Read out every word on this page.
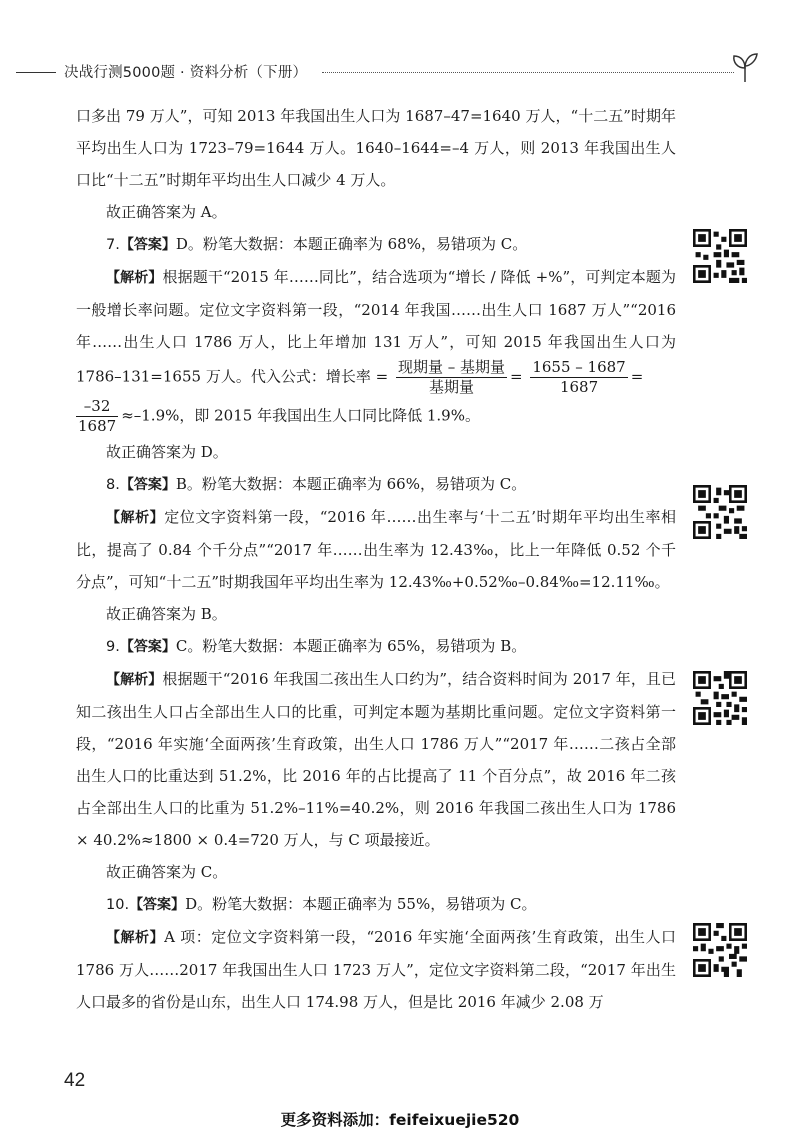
决战行测5000题 · 资料分析（下册）
口多出 79 万人”，可知 2013 年我国出生人口为 1687–47=1640 万人，“十二五”时期年平均出生人口为 1723–79=1644 万人。1640–1644=–4 万人，则 2013 年我国出生人口比“十二五”时期年平均出生人口减少 4 万人。
故正确答案为 A。
7.【答案】D。粉笔大数据：本题正确率为 68%，易错项为 C。
【解析】根据题干“2015 年……同比”，结合选项为“增长 / 降低 +%”，可判定本题为一般增长率问题。定位文字资料第一段，“2014 年我国……出生人口 1687 万人”“2016 年……出生人口 1786 万人，比上年增加 131 万人”，可知 2015 年我国出生人口为 1786–131=1655 万人。代入公式：增长率 =
现期量 – 基期量
基期量
= $\frac{1655 - 1687}{1687}$ =
$\frac{-32}{1687} \approx-1.9\%$，即 2015 年我国出生人口同比降低 1.9%。
故正确答案为 D。
8.【答案】B。粉笔大数据：本题正确率为 66%，易错项为 C。
【解析】定位文字资料第一段，“2016 年……出生率与‘十二五’时期年平均出生率相比，提高了 0.84 个千分点”“2017 年……出生率为 12.43‰，比上一年降低 0.52 个千分点”，可知“十二五”时期我国年平均出生率为 12.43‰+0.52‰–0.84‰=12.11‰。
故正确答案为 B。
9.【答案】C。粉笔大数据：本题正确率为 65%，易错项为 B。
【解析】根据题干“2016 年我国二孩出生人口约为”，结合资料时间为 2017 年，且已知二孩出生人口占全部出生人口的比重，可判定本题为基期比重问题。定位文字资料第一段，“2016 年实施‘全面两孩’生育政策，出生人口 1786 万人”“2017 年……二孩占全部出生人口的比重达到 51.2%，比 2016 年的占比提高了 11 个百分点”，故 2016 年二孩占全部出生人口的比重为 51.2%–11%=40.2%，则 2016 年我国二孩出生人口为 1786 × 40.2%≈1800 × 0.4=720 万人，与 C 项最接近。
故正确答案为 C。
10.【答案】D。粉笔大数据：本题正确率为 55%，易错项为 C。
【解析】A 项：定位文字资料第一段，“2016 年实施‘全面两孩’生育政策，出生人口 1786 万人……2017 年我国出生人口 1723 万人”，定位文字资料第二段，“2017 年出生人口最多的省份是山东，出生人口 174.98 万人，但是比 2016 年减少 2.08 万
42
更多资料添加：feifeixuejie520
